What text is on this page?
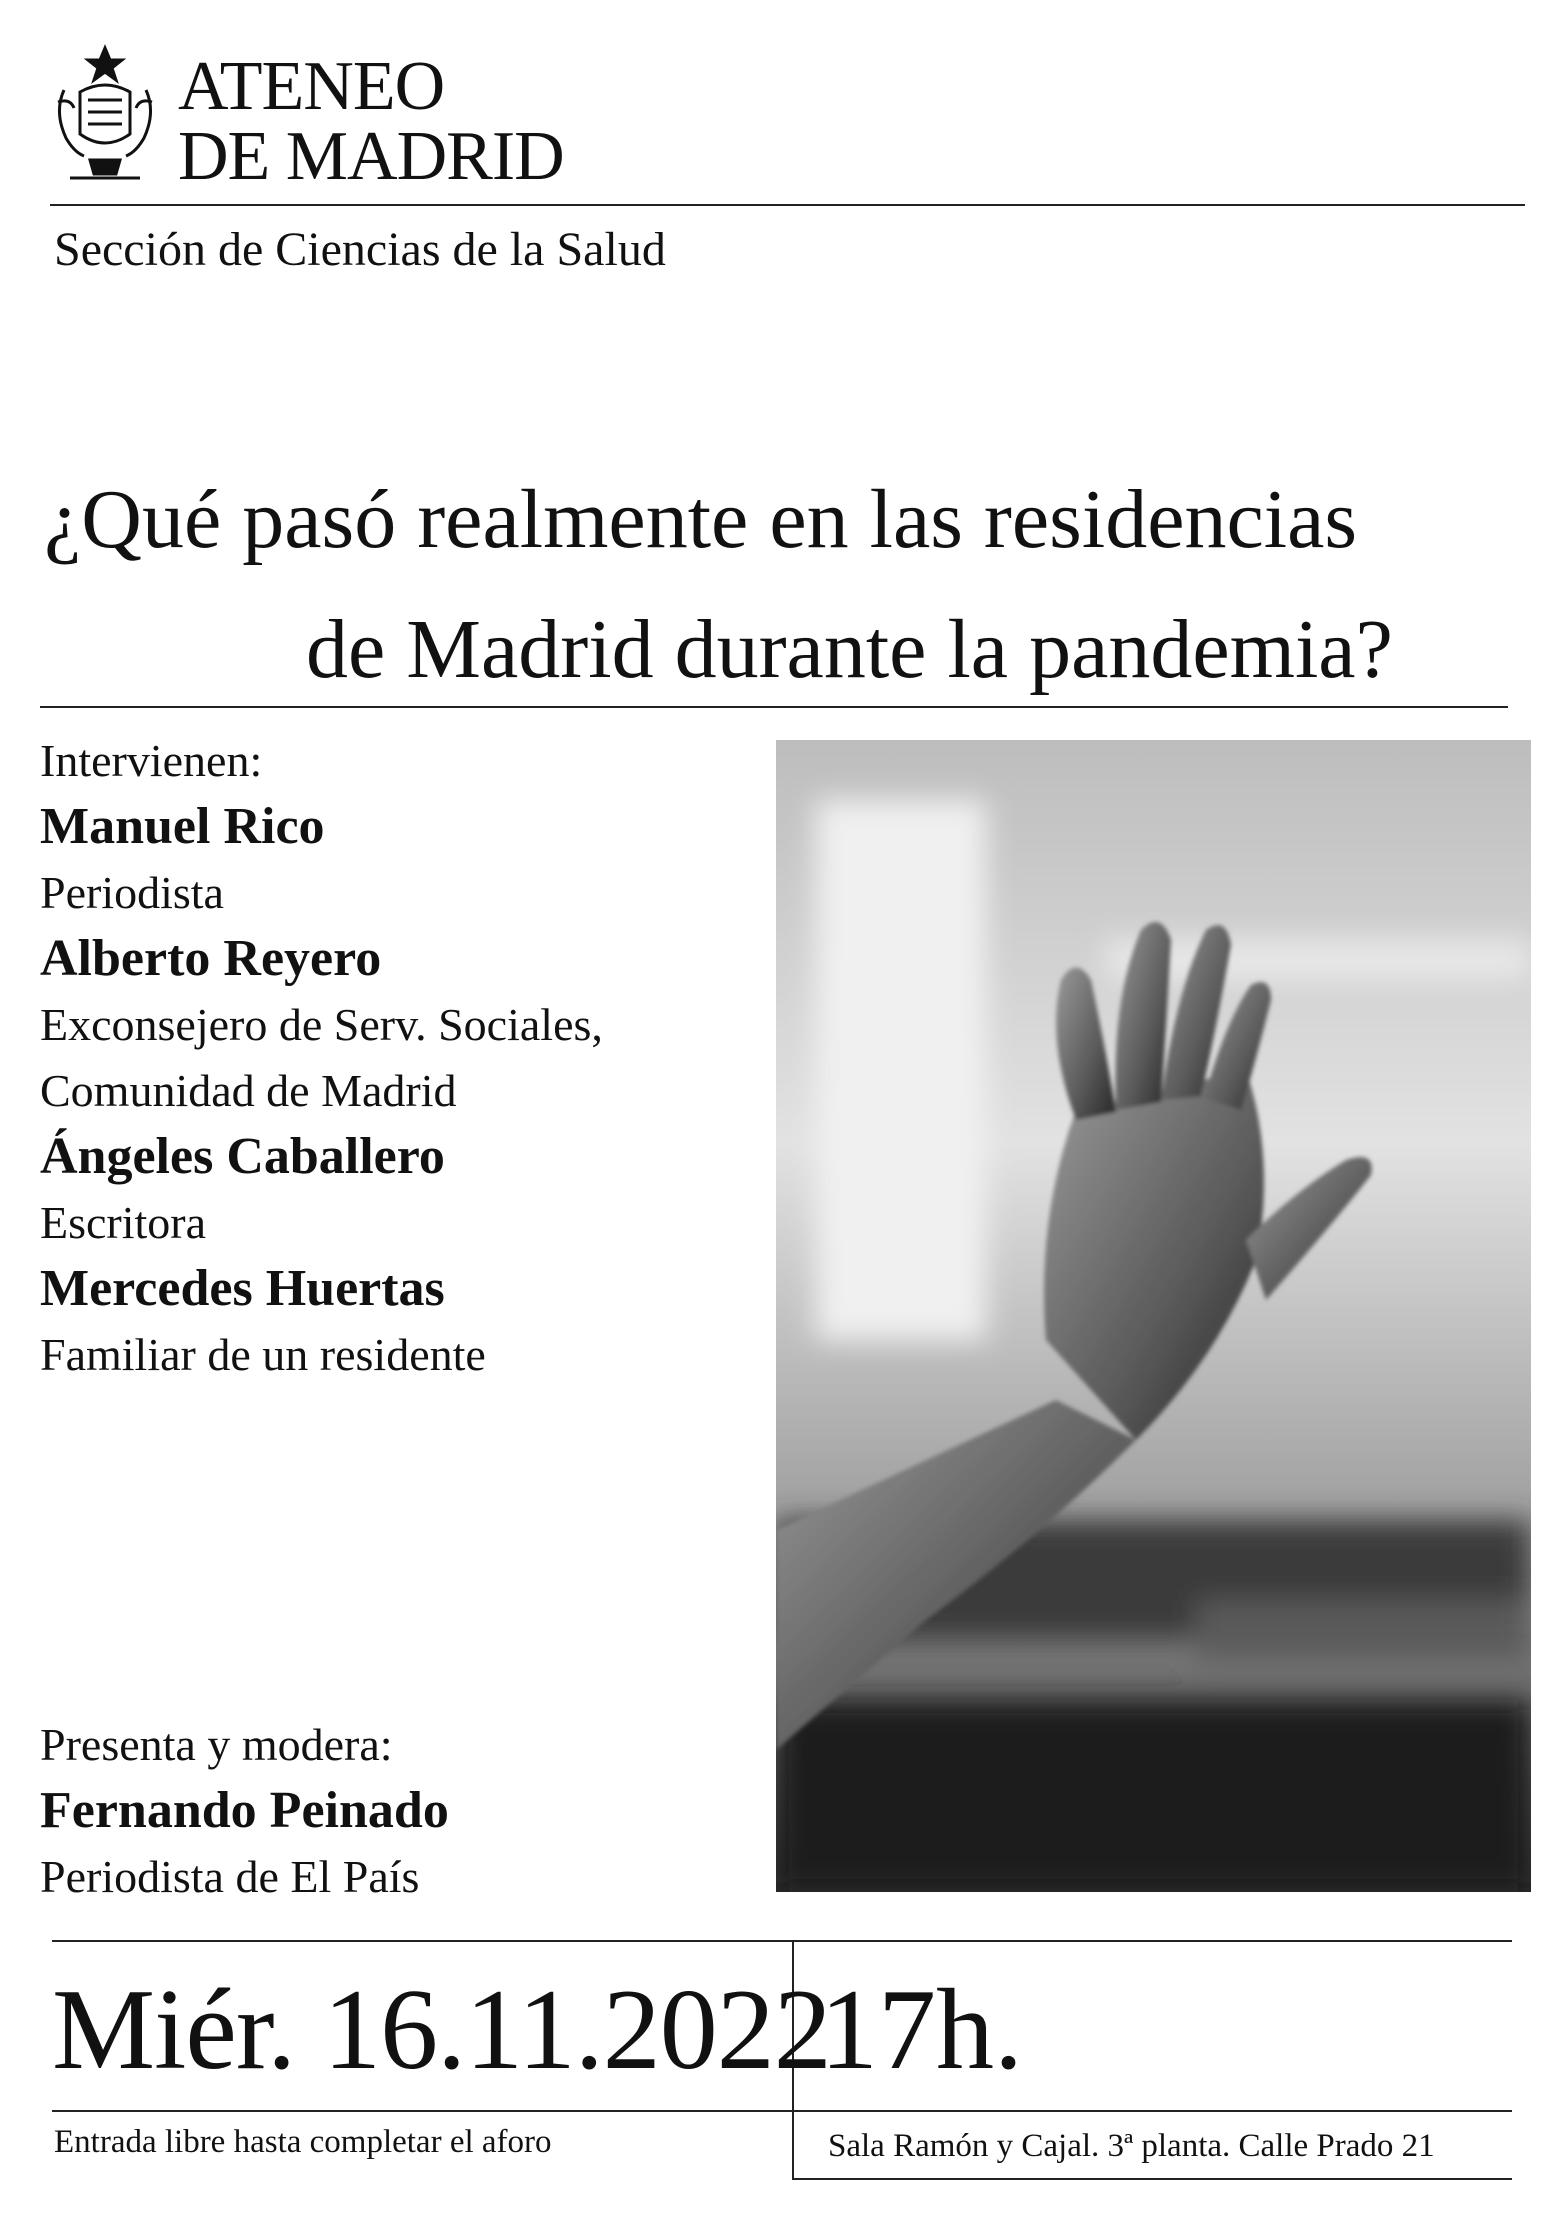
ATENEO
DE MADRID
Sección de Ciencias de la Salud
¿Qué pasó realmente en las residencias
de Madrid durante la pandemia?
Intervienen:
Manuel Rico
Periodista
Alberto Reyero
Exconsejero de Serv. Sociales,
Comunidad de Madrid
Ángeles Caballero
Escritora
Mercedes Huertas
Familiar de un residente
Presenta y modera:
Fernando Peinado
Periodista de El País
Miér. 16.11.2022
17h.
Entrada libre hasta completar el aforo	Sala Ramón y Cajal. 3ª planta. Calle Prado 21
